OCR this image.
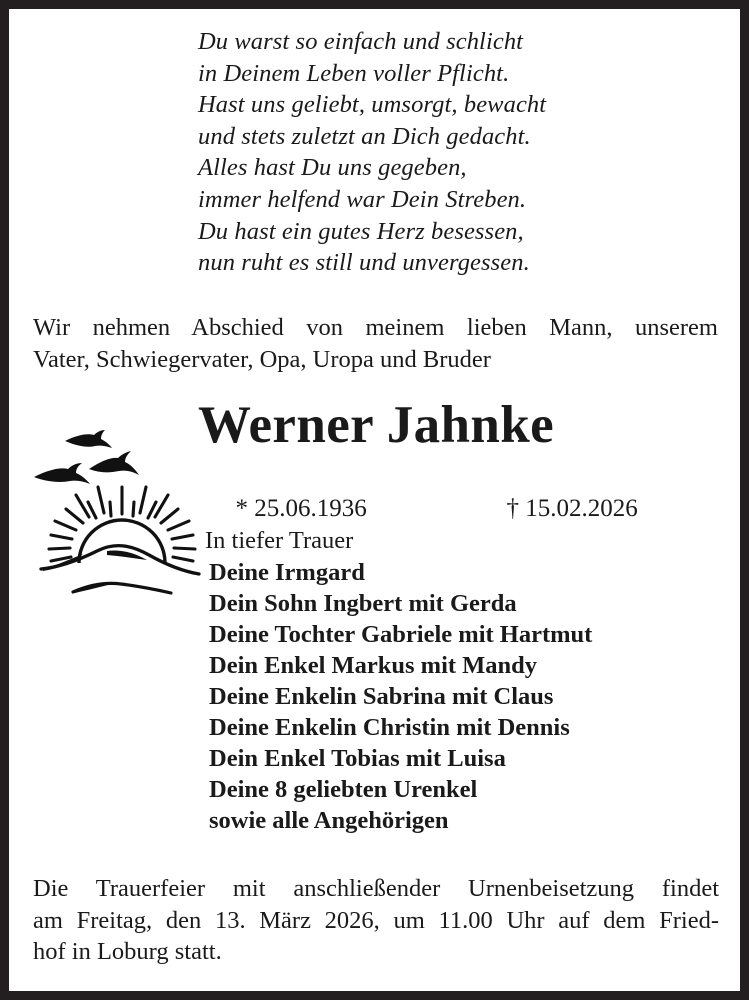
Du warst so einfach und schlicht
in Deinem Leben voller Pflicht.
Hast uns geliebt, umsorgt, bewacht
und stets zuletzt an Dich gedacht.
Alles hast Du uns gegeben,
immer helfend war Dein Streben.
Du hast ein gutes Herz besessen,
nun ruht es still und unvergessen.
Wir nehmen Abschied von meinem lieben Mann, unserem
Vater, Schwiegervater, Opa, Uropa und Bruder
Werner Jahnke

* 25.06.1936	† 15.02.2026

In tiefer Trauer
Deine Irmgard
Dein Sohn Ingbert mit Gerda
Deine Tochter Gabriele mit Hartmut
Dein Enkel Markus mit Mandy
Deine Enkelin Sabrina mit Claus
Deine Enkelin Christin mit Dennis
Dein Enkel Tobias mit Luisa
Deine 8 geliebten Urenkel
sowie alle Angehörigen
Die Trauerfeier mit anschließender Urnenbeisetzung findet
am Freitag, den 13. März 2026, um 11.00 Uhr auf dem Fried-
hof in Loburg statt.
